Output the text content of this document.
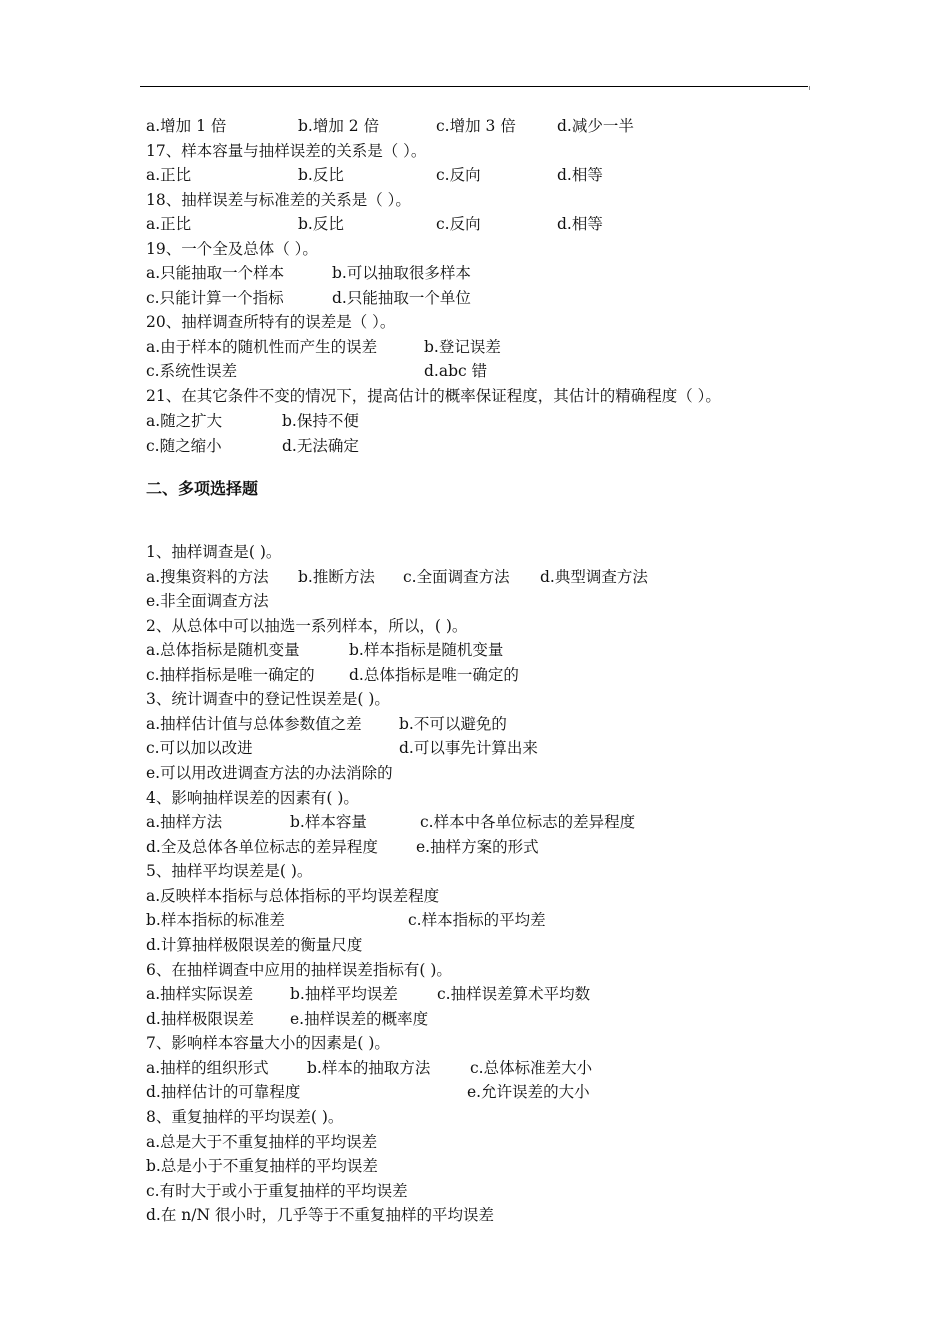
a.增加 1 倍	b.增加 2 倍	c.增加 3 倍	d.减少一半
17、样本容量与抽样误差的关系是（ ）。
a.正比	b.反比	c.反向	d.相等
18、抽样误差与标准差的关系是（ ）。
a.正比	b.反比	c.反向	d.相等
19、一个全及总体（ ）。
a.只能抽取一个样本	b.可以抽取很多样本
c.只能计算一个指标	d.只能抽取一个单位
20、抽样调查所特有的误差是（ ）。
a.由于样本的随机性而产生的误差	b.登记误差
c.系统性误差	d.abc 错
21、在其它条件不变的情况下，提高估计的概率保证程度，其估计的精确程度（ ）。
a.随之扩大	b.保持不便
c.随之缩小	d.无法确定
二、多项选择题
1、抽样调查是( )。
a.搜集资料的方法 b.推断方法 c.全面调查方法 d.典型调查方法
e.非全面调查方法
2、从总体中可以抽选一系列样本，所以，( )。
a.总体指标是随机变量	b.样本指标是随机变量
c.抽样指标是唯一确定的 d.总体指标是唯一确定的
3、统计调查中的登记性误差是( )。
a.抽样估计值与总体参数值之差 b.不可以避免的
c.可以加以改进	d.可以事先计算出来
e.可以用改进调查方法的办法消除的
4、影响抽样误差的因素有( )。
a.抽样方法	b.样本容量	c.样本中各单位标志的差异程度
d.全及总体各单位标志的差异程度 e.抽样方案的形式
5、抽样平均误差是( )。
a.反映样本指标与总体指标的平均误差程度
b.样本指标的标准差	c.样本指标的平均差
d.计算抽样极限误差的衡量尺度
6、在抽样调查中应用的抽样误差指标有( )。
a.抽样实际误差 b.抽样平均误差	c.抽样误差算术平均数
d.抽样极限误差 e.抽样误差的概率度
7、影响样本容量大小的因素是( )。
a.抽样的组织形式 b.样本的抽取方法	c.总体标准差大小
d.抽样估计的可靠程度	e.允许误差的大小
8、重复抽样的平均误差( )。
a.总是大于不重复抽样的平均误差
b.总是小于不重复抽样的平均误差
c.有时大于或小于重复抽样的平均误差
d.在 n/N 很小时，几乎等于不重复抽样的平均误差
